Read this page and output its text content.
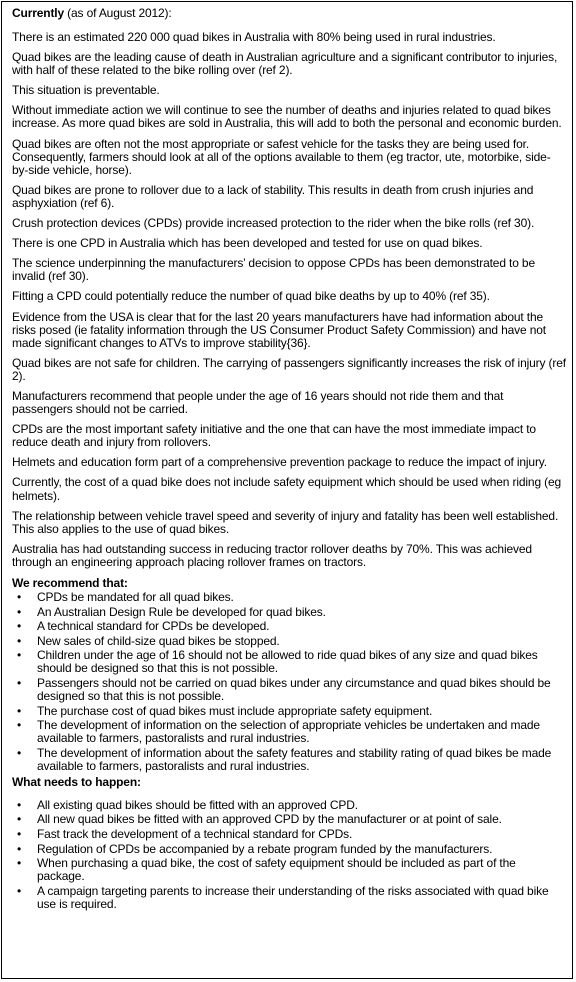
Currently (as of August 2012):

There is an estimated 220 000 quad bikes in Australia with 80% being used in rural industries.

Quad bikes are the leading cause of death in Australian agriculture and a significant contributor to injuries, with half of these related to the bike rolling over (ref 2).

This situation is preventable.

Without immediate action we will continue to see the number of deaths and injuries related to quad bikes increase. As more quad bikes are sold in Australia, this will add to both the personal and economic burden.

Quad bikes are often not the most appropriate or safest vehicle for the tasks they are being used for. Consequently, farmers should look at all of the options available to them (eg tractor, ute, motorbike, side-by-side vehicle, horse).

Quad bikes are prone to rollover due to a lack of stability. This results in death from crush injuries and asphyxiation (ref 6).

Crush protection devices (CPDs) provide increased protection to the rider when the bike rolls (ref 30).

There is one CPD in Australia which has been developed and tested for use on quad bikes.

The science underpinning the manufacturers’ decision to oppose CPDs has been demonstrated to be invalid (ref 30).

Fitting a CPD could potentially reduce the number of quad bike deaths by up to 40% (ref 35).

Evidence from the USA is clear that for the last 20 years manufacturers have had information about the risks posed (ie fatality information through the US Consumer Product Safety Commission) and have not made significant changes to ATVs to improve stability{36}.

Quad bikes are not safe for children. The carrying of passengers significantly increases the risk of injury (ref 2).

Manufacturers recommend that people under the age of 16 years should not ride them and that passengers should not be carried.

CPDs are the most important safety initiative and the one that can have the most immediate impact to reduce death and injury from rollovers.

Helmets and education form part of a comprehensive prevention package to reduce the impact of injury.

Currently, the cost of a quad bike does not include safety equipment which should be used when riding (eg helmets).

The relationship between vehicle travel speed and severity of injury and fatality has been well established. This also applies to the use of quad bikes.

Australia has had outstanding success in reducing tractor rollover deaths by 70%. This was achieved through an engineering approach placing rollover frames on tractors.

We recommend that:
• CPDs be mandated for all quad bikes.
• An Australian Design Rule be developed for quad bikes.
• A technical standard for CPDs be developed.
• New sales of child-size quad bikes be stopped.
• Children under the age of 16 should not be allowed to ride quad bikes of any size and quad bikes should be designed so that this is not possible.
• Passengers should not be carried on quad bikes under any circumstance and quad bikes should be designed so that this is not possible.
• The purchase cost of quad bikes must include appropriate safety equipment.
• The development of information on the selection of appropriate vehicles be undertaken and made available to farmers, pastoralists and rural industries.
• The development of information about the safety features and stability rating of quad bikes be made available to farmers, pastoralists and rural industries.
What needs to happen:
• All existing quad bikes should be fitted with an approved CPD.
• All new quad bikes be fitted with an approved CPD by the manufacturer or at point of sale.
• Fast track the development of a technical standard for CPDs.
• Regulation of CPDs be accompanied by a rebate program funded by the manufacturers.
• When purchasing a quad bike, the cost of safety equipment should be included as part of the package.
• A campaign targeting parents to increase their understanding of the risks associated with quad bike use is required.
